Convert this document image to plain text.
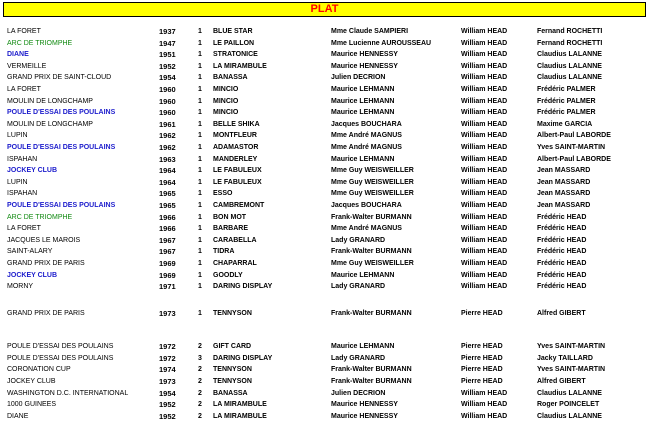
PLAT
LA FORET	1937	1 BLUE STAR	Mme Claude SAMPIERI	William HEAD	Fernand ROCHETTI
ARC DE TRIOMPHE	1947	1 LE PAILLON	Mme Lucienne AUROUSSEAU	William HEAD	Fernand ROCHETTI
DIANE	1951	1 STRATONICE	Maurice HENNESSY	William HEAD	Claudius LALANNE
VERMEILLE	1952	1 LA MIRAMBULE	Maurice HENNESSY	William HEAD	Claudius LALANNE
GRAND PRIX DE SAINT-CLOUD	1954	1 BANASSA	Julien DECRION	William HEAD	Claudius LALANNE
LA FORET	1960	1 MINCIO	Maurice LEHMANN	William HEAD	Frédéric PALMER
MOULIN DE LONGCHAMP	1960	1 MINCIO	Maurice LEHMANN	William HEAD	Frédéric PALMER
POULE D'ESSAI DES POULAINS	1960	1 MINCIO	Maurice LEHMANN	William HEAD	Frédéric PALMER
MOULIN DE LONGCHAMP	1961	1 BELLE SHIKA	Jacques BOUCHARA	William HEAD	Maxime GARCIA
LUPIN	1962	1 MONTFLEUR	Mme André MAGNUS	William HEAD	Albert-Paul LABORDE
POULE D'ESSAI DES POULAINS	1962	1 ADAMASTOR	Mme André MAGNUS	William HEAD	Yves SAINT-MARTIN
ISPAHAN	1963	1 MANDERLEY	Maurice LEHMANN	William HEAD	Albert-Paul LABORDE
JOCKEY CLUB	1964	1 LE FABULEUX	Mme Guy WEISWEILLER	William HEAD	Jean MASSARD
LUPIN	1964	1 LE FABULEUX	Mme Guy WEISWEILLER	William HEAD	Jean MASSARD
ISPAHAN	1965	1 ESSO	Mme Guy WEISWEILLER	William HEAD	Jean MASSARD
POULE D'ESSAI DES POULAINS	1965	1 CAMBREMONT	Jacques BOUCHARA	William HEAD	Jean MASSARD
ARC DE TRIOMPHE	1966	1 BON MOT	Frank-Walter BURMANN	William HEAD	Frédéric HEAD
LA FORET	1966	1 BARBARE	Mme André MAGNUS	William HEAD	Frédéric HEAD
JACQUES LE MAROIS	1967	1 CARABELLA	Lady GRANARD	William HEAD	Frédéric HEAD
SAINT-ALARY	1967	1 TIDRA	Frank-Walter BURMANN	William HEAD	Frédéric HEAD
GRAND PRIX DE PARIS	1969	1 CHAPARRAL	Mme Guy WEISWEILLER	William HEAD	Frédéric HEAD
JOCKEY CLUB	1969	1 GOODLY	Maurice LEHMANN	William HEAD	Frédéric HEAD
MORNY	1971	1 DARING DISPLAY	Lady GRANARD	William HEAD	Frédéric HEAD
GRAND PRIX DE PARIS	1973	1 TENNYSON	Frank-Walter BURMANN	Pierre HEAD	Alfred GIBERT
POULE D'ESSAI DES POULAINS	1972	2 GIFT CARD	Maurice LEHMANN	Pierre HEAD	Yves SAINT-MARTIN
POULE D'ESSAI DES POULAINS	1972	3 DARING DISPLAY	Lady GRANARD	Pierre HEAD	Jacky TAILLARD
CORONATION CUP	1974	2 TENNYSON	Frank-Walter BURMANN	Pierre HEAD	Yves SAINT-MARTIN
JOCKEY CLUB	1973	2 TENNYSON	Frank-Walter BURMANN	Pierre HEAD	Alfred GIBERT
WASHINGTON D.C. INTERNATIONAL	1954	2 BANASSA	Julien DECRION	William HEAD	Claudius LALANNE
1000 GUINEES	1952	2 LA MIRAMBULE	Maurice HENNESSY	William HEAD	Roger POINCELET
DIANE	1952	2 LA MIRAMBULE	Maurice HENNESSY	William HEAD	Claudius LALANNE
